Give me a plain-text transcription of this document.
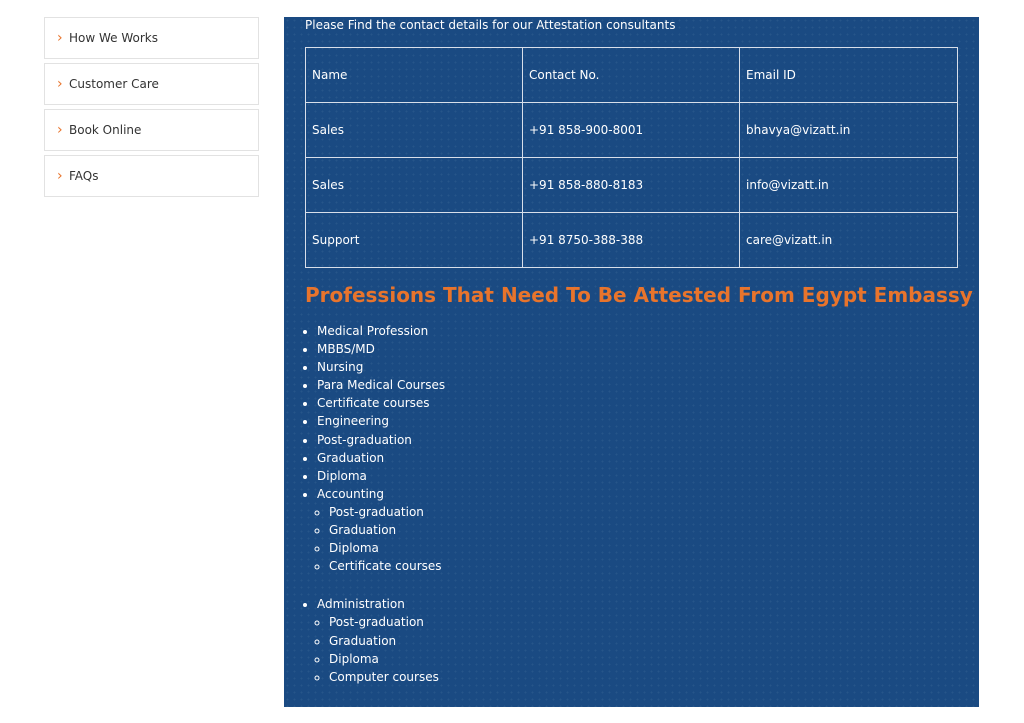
› How We Works
› Customer Care
› Book Online
› FAQs
Please Find the contact details for our Attestation consultants
Name	Contact No.	Email ID
Sales	+91 858-900-8001	bhavya@vizatt.in
Sales	+91 858-880-8183	info@vizatt.in
Support	+91 8750-388-388	care@vizatt.in
Professions That Need To Be Attested From Egypt Embassy
• Medical Profession
• MBBS/MD
• Nursing
• Para Medical Courses
• Certificate courses
• Engineering
• Post-graduation
• Graduation
• Diploma
• Accounting
◦ Post-graduation
◦ Graduation
◦ Diploma
◦ Certificate courses
• Administration
◦ Post-graduation
◦ Graduation
◦ Diploma
◦ Computer courses
